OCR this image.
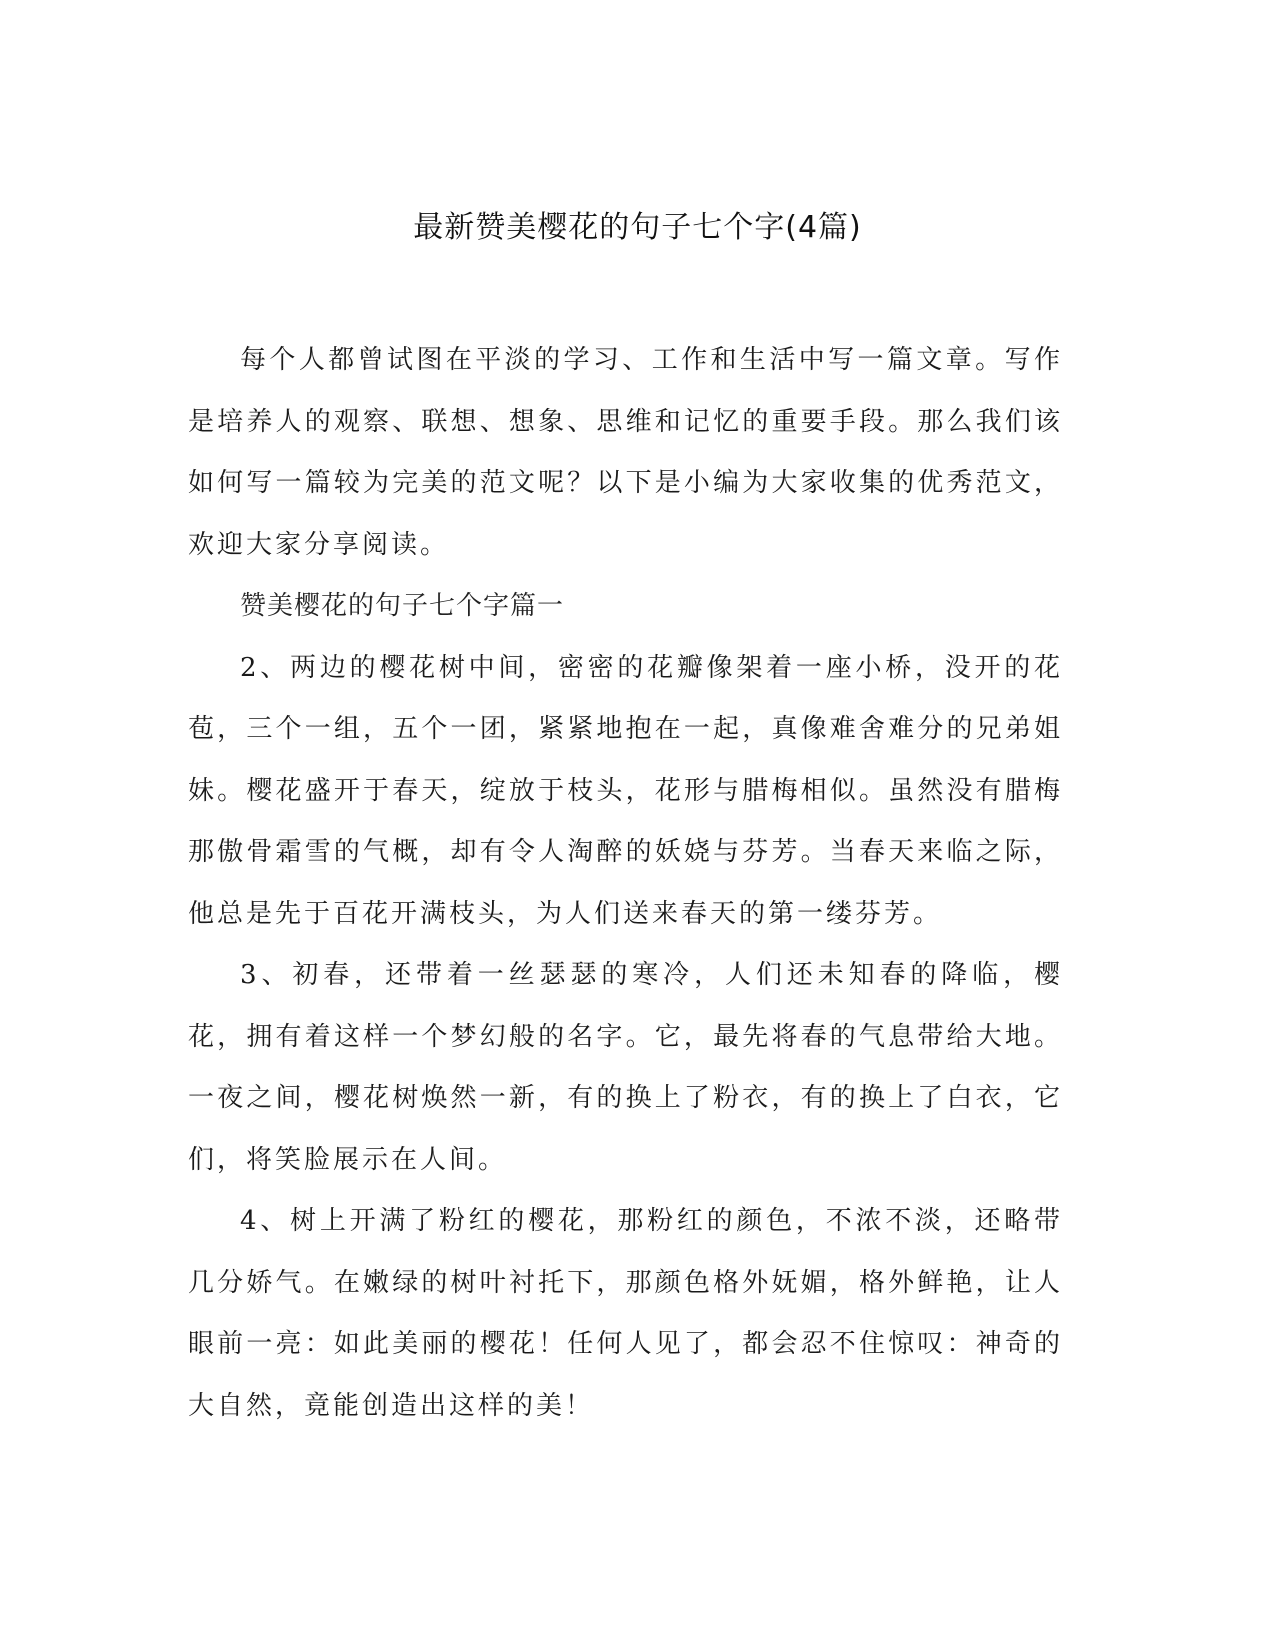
最新赞美樱花的句子七个字(4篇)

每个人都曾试图在平淡的学习、工作和生活中写一篇文章。写作是培养人的观察、联想、想象、思维和记忆的重要手段。那么我们该如何写一篇较为完美的范文呢？以下是小编为大家收集的优秀范文，欢迎大家分享阅读。

赞美樱花的句子七个字篇一

2、两边的樱花树中间，密密的花瓣像架着一座小桥，没开的花苞，三个一组，五个一团，紧紧地抱在一起，真像难舍难分的兄弟姐妹。樱花盛开于春天，绽放于枝头，花形与腊梅相似。虽然没有腊梅那傲骨霜雪的气概，却有令人淘醉的妖娆与芬芳。当春天来临之际，他总是先于百花开满枝头，为人们送来春天的第一缕芬芳。

3、初春，还带着一丝瑟瑟的寒冷，人们还未知春的降临，樱花，拥有着这样一个梦幻般的名字。它，最先将春的气息带给大地。一夜之间，樱花树焕然一新，有的换上了粉衣，有的换上了白衣，它们，将笑脸展示在人间。

4、树上开满了粉红的樱花，那粉红的颜色，不浓不淡，还略带几分娇气。在嫩绿的树叶衬托下，那颜色格外妩媚，格外鲜艳，让人眼前一亮：如此美丽的樱花！任何人见了，都会忍不住惊叹：神奇的大自然，竟能创造出这样的美！
